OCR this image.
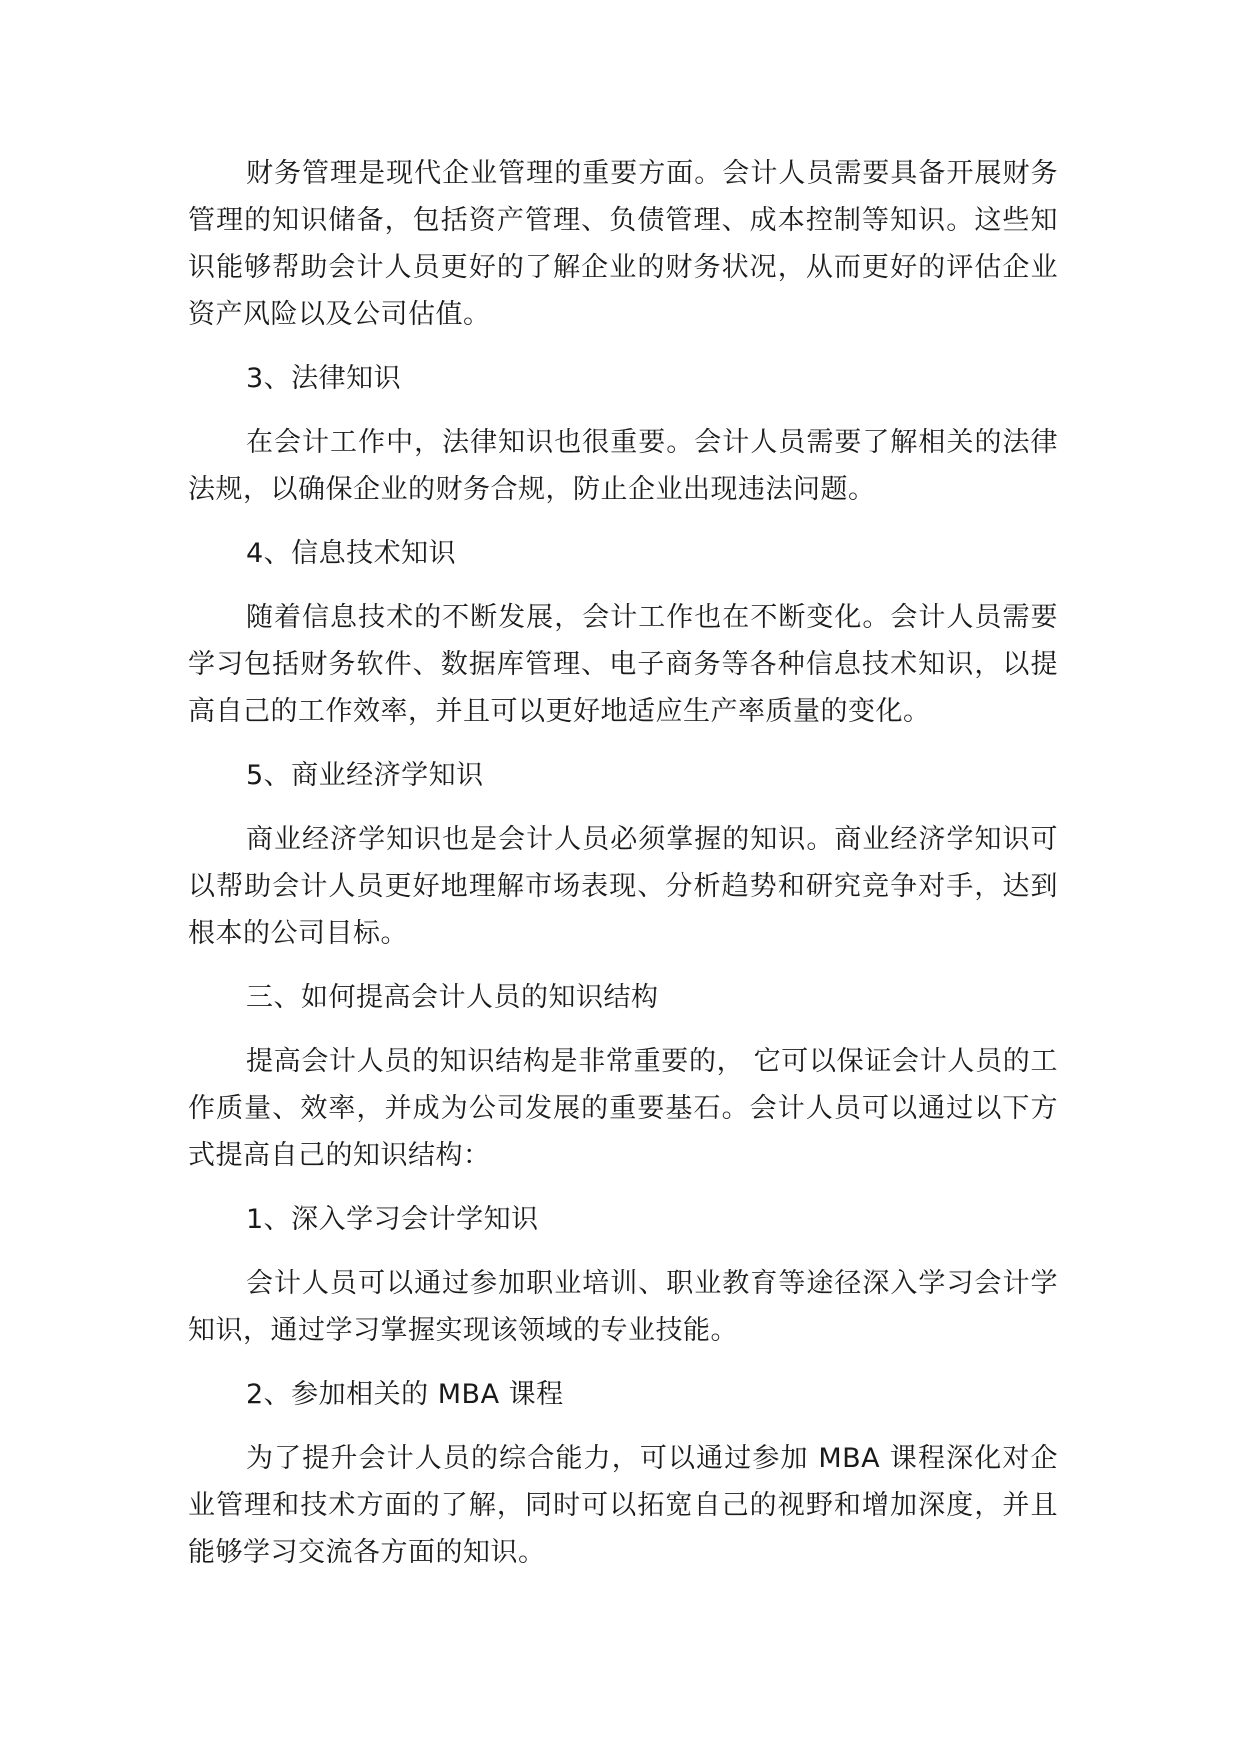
财务管理是现代企业管理的重要方面。会计人员需要具备开展财务管理的知识储备，包括资产管理、负债管理、成本控制等知识。这些知识能够帮助会计人员更好的了解企业的财务状况，从而更好的评估企业资产风险以及公司估值。

3、法律知识

在会计工作中，法律知识也很重要。会计人员需要了解相关的法律法规，以确保企业的财务合规，防止企业出现违法问题。

4、信息技术知识

随着信息技术的不断发展，会计工作也在不断变化。会计人员需要学习包括财务软件、数据库管理、电子商务等各种信息技术知识，以提高自己的工作效率，并且可以更好地适应生产率质量的变化。

5、商业经济学知识

商业经济学知识也是会计人员必须掌握的知识。商业经济学知识可以帮助会计人员更好地理解市场表现、分析趋势和研究竞争对手，达到根本的公司目标。

三、如何提高会计人员的知识结构

提高会计人员的知识结构是非常重要的， 它可以保证会计人员的工作质量、效率，并成为公司发展的重要基石。会计人员可以通过以下方式提高自己的知识结构：

1、深入学习会计学知识

会计人员可以通过参加职业培训、职业教育等途径深入学习会计学知识，通过学习掌握实现该领域的专业技能。

2、参加相关的 MBA 课程

为了提升会计人员的综合能力，可以通过参加 MBA 课程深化对企业管理和技术方面的了解，同时可以拓宽自己的视野和增加深度，并且能够学习交流各方面的知识。
